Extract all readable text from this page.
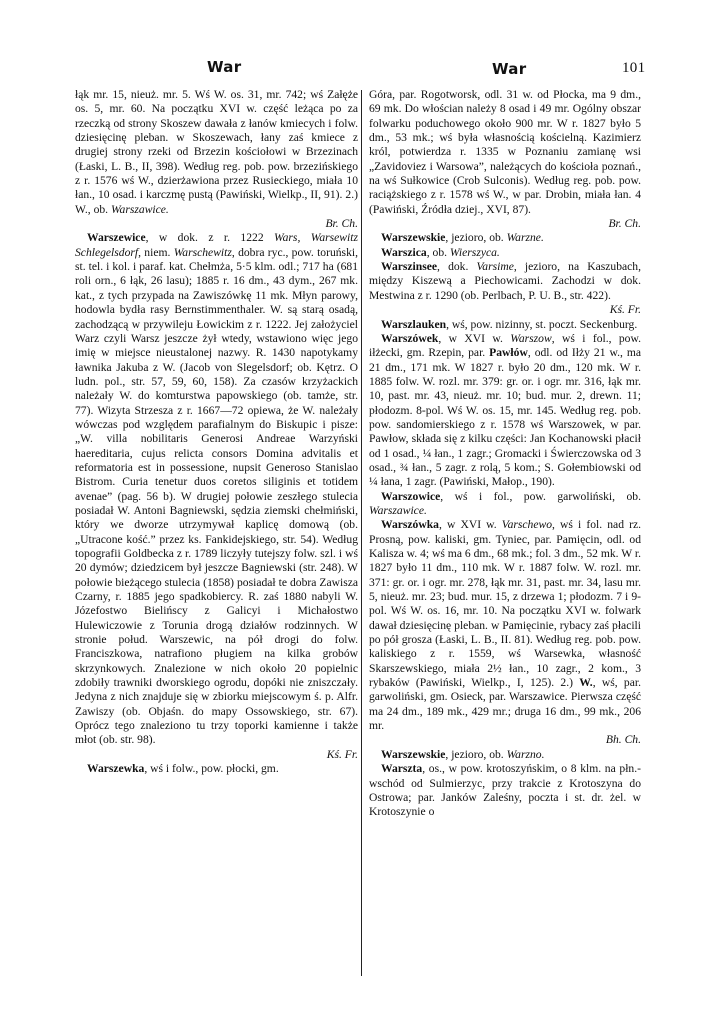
War	War	101

łąk mr. 15, nieuż. mr. 5. Wś W. os. 31, mr. 742; wś Załęże os. 5, mr. 60. Na początku XVI w. część leżąca po za rzeczką od strony Skoszew dawała z łanów kmiecych i folw. dziesięcinę pleban. w Skoszewach, łany zaś kmiece z drugiej strony rzeki od Brzezin kościołowi w Brzezinach (Łaski, L. B., II, 398). Według reg. pob. pow. brzezińskiego z r. 1576 wś W., dzierżawiona przez Rusieckiego, miała 10 łan., 10 osad. i karczmę pustą (Pawiński, Wielkp., II, 91). 2.) W., ob. Warszawice.
Br. Ch.

Warszewice, w dok. z r. 1222 Wars, Warsewitz Schlegelsdorf, niem. Warschewitz, dobra ryc., pow. toruński, st. tel. i kol. i paraf. kat. Chełmża, 5·5 klm. odl.; 717 ha (681 roli orn., 6 łąk, 26 lasu); 1885 r. 16 dm., 43 dym., 267 mk. kat., z tych przypada na Zawiszówkę 11 mk. Młyn parowy, hodowla bydła rasy Bernstimmenthaler. W. są starą osadą, zachodzącą w przywileju Łowickim z r. 1222. Jej założyciel Warz czyli Warsz jeszcze żył wtedy, wstawiono więc jego imię w miejsce nieustalonej nazwy. R. 1430 napotykamy ławnika Jakuba z W. (Jacob von Slegelsdorf; ob. Kętrz. O ludn. pol., str. 57, 59, 60, 158). Za czasów krzyżackich należały W. do komturstwa papowskiego (ob. tamże, str. 77). Wizyta Strzesza z r. 1667—72 opiewa, że W. należały wówczas pod względem parafialnym do Biskupic i pisze: „W. villa nobilitaris Generosi Andreae Warzyński haereditaria, cujus relicta consors Domina advitalis et reformatoria est in possessione, nupsit Generoso Stanislao Bistrom. Curia tenetur duos coretos siliginis et totidem avenae” (pag. 56 b). W drugiej połowie zeszłego stulecia posiadał W. Antoni Bagniewski, sędzia ziemski chełmiński, który we dworze utrzymywał kaplicę domową (ob. „Utracone kość.” przez ks. Fankidejskiego, str. 54). Według topografii Goldbecka z r. 1789 liczyły tutejszy folw. szl. i wś 20 dymów; dziedzicem był jeszcze Bagniewski (str. 248). W połowie bieżącego stulecia (1858) posiadał te dobra Zawisza Czarny, r. 1885 jego spadkobiercy. R. zaś 1880 nabyli W. Józefostwo Bielińscy z Galicyi i Michałostwo Hulewiczowie z Torunia drogą działów rodzinnych. W stronie połud. Warszewic, na pół drogi do folw. Franciszkowa, natrafiono pługiem na kilka grobów skrzynkowych. Znalezione w nich około 20 popielnic zdobiły trawniki dworskiego ogrodu, dopóki nie zniszczały. Jedyna z nich znajduje się w zbiorku miejscowym ś. p. Alfr. Zawiszy (ob. Objaśn. do mapy Ossowskiego, str. 67). Oprócz tego znaleziono tu trzy toporki kamienne i także młot (ob. str. 98).
Kś. Fr.

Warszewka, wś i folw., pow. płocki, gm.

Góra, par. Rogotworsk, odl. 31 w. od Płocka, ma 9 dm., 69 mk. Do włościan należy 8 osad i 49 mr. Ogólny obszar folwarku poduchowego około 900 mr. W r. 1827 było 5 dm., 53 mk.; wś była własnością kościelną. Kazimierz król, potwierdza r. 1335 w Poznaniu zamianę wsi „Zavidoviez i Warsowa”, należących do kościoła poznań., na wś Sułkowice (Crob Sulconis). Według reg. pob. pow. raciążskiego z r. 1578 wś W., w par. Drobin, miała łan. 4 (Pawiński, Źródła dziej., XVI, 87).
Br. Ch.

Warszewskie, jezioro, ob. Warzne.

Warszica, ob. Wierszyca.

Warszinsee, dok. Varsime, jezioro, na Kaszubach, między Kiszewą a Piechowicami. Zachodzi w dok. Mestwina z r. 1290 (ob. Perlbach, P. U. B., str. 422).
Kś. Fr.

Warszlauken, wś, pow. nizinny, st. poczt. Seckenburg.

Warszówek, w XVI w. Warszow, wś i fol., pow. iłżecki, gm. Rzepin, par. Pawłów, odl. od Iłży 21 w., ma 21 dm., 171 mk. W 1827 r. było 20 dm., 120 mk. W r. 1885 folw. W. rozl. mr. 379: gr. or. i ogr. mr. 316, łąk mr. 10, past. mr. 43, nieuż. mr. 10; bud. mur. 2, drewn. 11; płodozm. 8-pol. Wś W. os. 15, mr. 145. Według reg. pob. pow. sandomierskiego z r. 1578 wś Warszowek, w par. Pawłow, składa się z kilku części: Jan Kochanowski płacił od 1 osad., ¼ łan., 1 zagr.; Gromacki i Świerczowska od 3 osad., ¾ łan., 5 zagr. z rolą, 5 kom.; S. Gołembiowski od ¼ łana, 1 zagr. (Pawiński, Małop., 190).

Warszowice, wś i fol., pow. garwoliński, ob. Warszawice.

Warszówka, w XVI w. Varschewo, wś i fol. nad rz. Prosną, pow. kaliski, gm. Tyniec, par. Pamięcin, odl. od Kalisza w. 4; wś ma 6 dm., 68 mk.; fol. 3 dm., 52 mk. W r. 1827 było 11 dm., 110 mk. W r. 1887 folw. W. rozl. mr. 371: gr. or. i ogr. mr. 278, łąk mr. 31, past. mr. 34, lasu mr. 5, nieuż. mr. 23; bud. mur. 15, z drzewa 1; płodozm. 7 i 9-pol. Wś W. os. 16, mr. 10. Na początku XVI w. folwark dawał dziesięcinę pleban. w Pamięcinie, rybacy zaś płacili po pół grosza (Łaski, L. B., II. 81). Według reg. pob. pow. kaliskiego z r. 1559, wś Warsewka, własność Skarszewskiego, miała 2½ łan., 10 zagr., 2 kom., 3 rybaków (Pawiński, Wielkp., I, 125). 2.) W., wś, par. garwoliński, gm. Osieck, par. Warszawice. Pierwsza część ma 24 dm., 189 mk., 429 mr.; druga 16 dm., 99 mk., 206 mr.
Bh. Ch.

Warszewskie, jezioro, ob. Warzno.

Warszta, os., w pow. krotoszyńskim, o 8 klm. na płn.-wschód od Sulmierzyc, przy trakcie z Krotoszyna do Ostrowa; par. Janków Zaleśny, poczta i st. dr. żel. w Krotoszynie o
